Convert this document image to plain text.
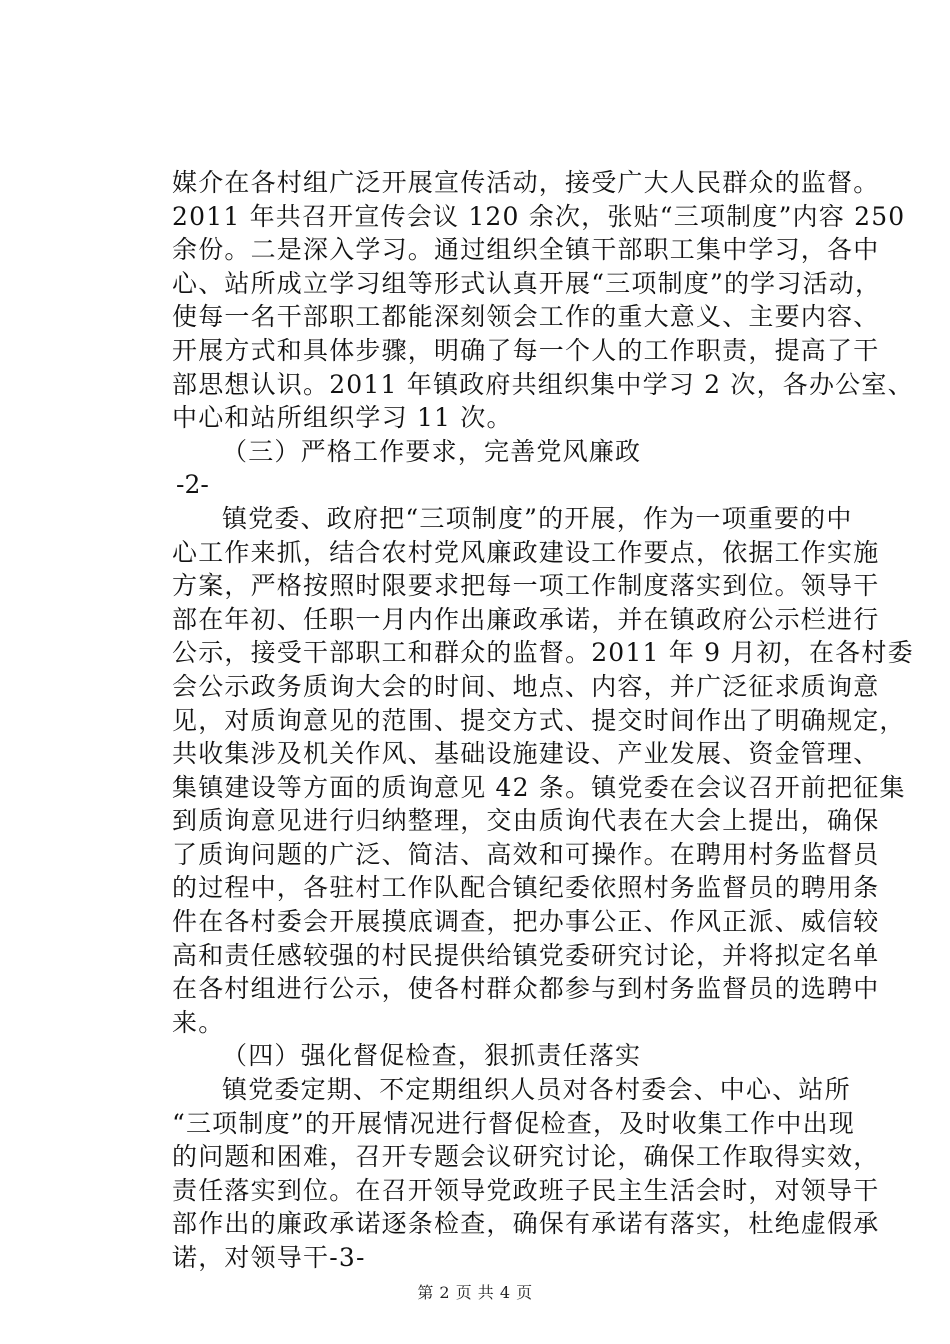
媒介在各村组广泛开展宣传活动，接受广大人民群众的监督。
2011 年共召开宣传会议 120 余次，张贴“三项制度”内容 250
余份。二是深入学习。通过组织全镇干部职工集中学习，各中
心、站所成立学习组等形式认真开展“三项制度”的学习活动，
使每一名干部职工都能深刻领会工作的重大意义、主要内容、
开展方式和具体步骤，明确了每一个人的工作职责，提高了干
部思想认识。2011 年镇政府共组织集中学习 2 次，各办公室、
中心和站所组织学习 11 次。
（三）严格工作要求，完善党风廉政
-2-
镇党委、政府把“三项制度”的开展，作为一项重要的中
心工作来抓，结合农村党风廉政建设工作要点，依据工作实施
方案，严格按照时限要求把每一项工作制度落实到位。领导干
部在年初、任职一月内作出廉政承诺，并在镇政府公示栏进行
公示，接受干部职工和群众的监督。2011 年 9 月初，在各村委
会公示政务质询大会的时间、地点、内容，并广泛征求质询意
见，对质询意见的范围、提交方式、提交时间作出了明确规定，
共收集涉及机关作风、基础设施建设、产业发展、资金管理、
集镇建设等方面的质询意见 42 条。镇党委在会议召开前把征集
到质询意见进行归纳整理，交由质询代表在大会上提出，确保
了质询问题的广泛、简洁、高效和可操作。在聘用村务监督员
的过程中，各驻村工作队配合镇纪委依照村务监督员的聘用条
件在各村委会开展摸底调查，把办事公正、作风正派、威信较
高和责任感较强的村民提供给镇党委研究讨论，并将拟定名单
在各村组进行公示，使各村群众都参与到村务监督员的选聘中
来。
（四）强化督促检查，狠抓责任落实
镇党委定期、不定期组织人员对各村委会、中心、站所
“三项制度”的开展情况进行督促检查，及时收集工作中出现
的问题和困难，召开专题会议研究讨论，确保工作取得实效，
责任落实到位。在召开领导党政班子民主生活会时，对领导干
部作出的廉政承诺逐条检查，确保有承诺有落实，杜绝虚假承
诺，对领导干-3-
第 2 页 共 4 页
